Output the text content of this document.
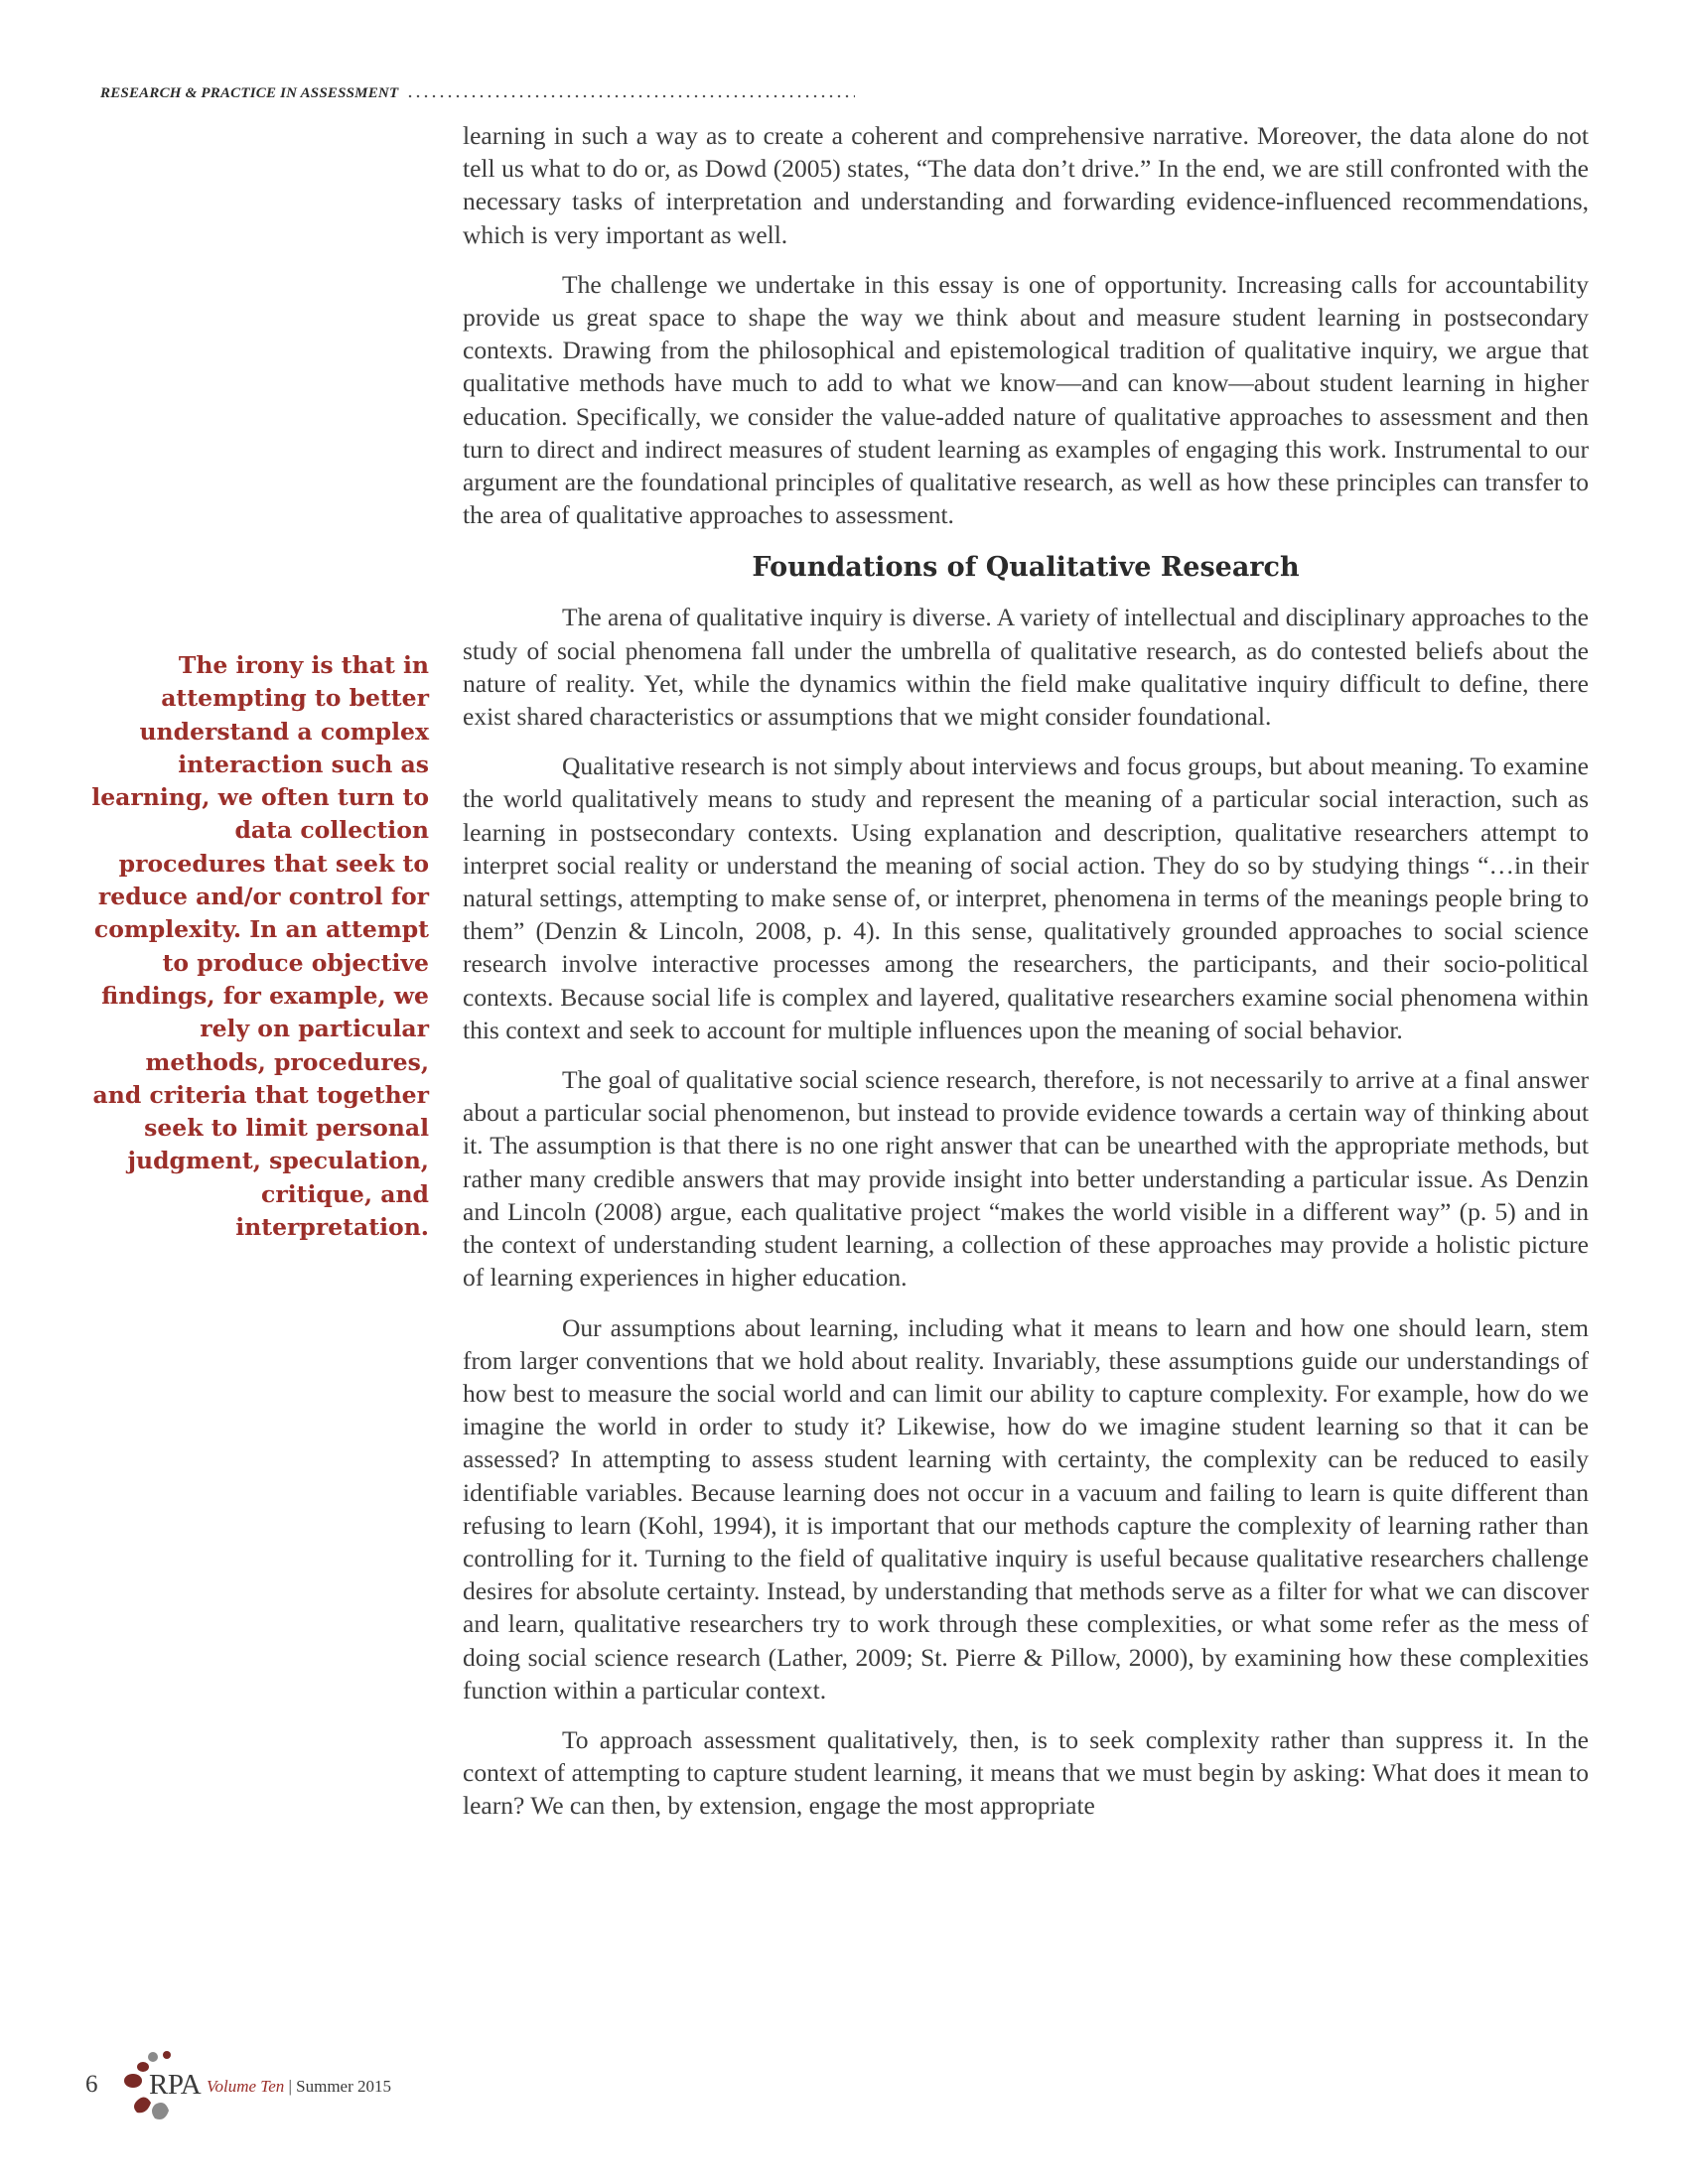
RESEARCH & PRACTICE IN ASSESSMENT
The irony is that in attempting to better understand a complex interaction such as learning, we often turn to data collection procedures that seek to reduce and/or control for complexity. In an attempt to produce objective findings, for example, we rely on particular methods, procedures, and criteria that together seek to limit personal judgment, speculation, critique, and interpretation.

learning in such a way as to create a coherent and comprehensive narrative. Moreover, the data alone do not tell us what to do or, as Dowd (2005) states, “The data don’t drive.” In the end, we are still confronted with the necessary tasks of interpretation and understanding and forwarding evidence-influenced recommendations, which is very important as well.

The challenge we undertake in this essay is one of opportunity. Increasing calls for accountability provide us great space to shape the way we think about and measure student learning in postsecondary contexts. Drawing from the philosophical and epistemological tradition of qualitative inquiry, we argue that qualitative methods have much to add to what we know—and can know—about student learning in higher education. Specifically, we consider the value-added nature of qualitative approaches to assessment and then turn to direct and indirect measures of student learning as examples of engaging this work. Instrumental to our argument are the foundational principles of qualitative research, as well as how these principles can transfer to the area of qualitative approaches to assessment.

Foundations of Qualitative Research

The arena of qualitative inquiry is diverse. A variety of intellectual and disciplinary approaches to the study of social phenomena fall under the umbrella of qualitative research, as do contested beliefs about the nature of reality. Yet, while the dynamics within the field make qualitative inquiry difficult to define, there exist shared characteristics or assumptions that we might consider foundational.

Qualitative research is not simply about interviews and focus groups, but about meaning. To examine the world qualitatively means to study and represent the meaning of a particular social interaction, such as learning in postsecondary contexts. Using explanation and description, qualitative researchers attempt to interpret social reality or understand the meaning of social action. They do so by studying things “…in their natural settings, attempting to make sense of, or interpret, phenomena in terms of the meanings people bring to them” (Denzin & Lincoln, 2008, p. 4). In this sense, qualitatively grounded approaches to social science research involve interactive processes among the researchers, the participants, and their socio-political contexts. Because social life is complex and layered, qualitative researchers examine social phenomena within this context and seek to account for multiple influences upon the meaning of social behavior.

The goal of qualitative social science research, therefore, is not necessarily to arrive at a final answer about a particular social phenomenon, but instead to provide evidence towards a certain way of thinking about it. The assumption is that there is no one right answer that can be unearthed with the appropriate methods, but rather many credible answers that may provide insight into better understanding a particular issue. As Denzin and Lincoln (2008) argue, each qualitative project “makes the world visible in a different way” (p. 5) and in the context of understanding student learning, a collection of these approaches may provide a holistic picture of learning experiences in higher education.

Our assumptions about learning, including what it means to learn and how one should learn, stem from larger conventions that we hold about reality. Invariably, these assumptions guide our understandings of how best to measure the social world and can limit our ability to capture complexity. For example, how do we imagine the world in order to study it? Likewise, how do we imagine student learning so that it can be assessed? In attempting to assess student learning with certainty, the complexity can be reduced to easily identifiable variables. Because learning does not occur in a vacuum and failing to learn is quite different than refusing to learn (Kohl, 1994), it is important that our methods capture the complexity of learning rather than controlling for it. Turning to the field of qualitative inquiry is useful because qualitative researchers challenge desires for absolute certainty. Instead, by understanding that methods serve as a filter for what we can discover and learn, qualitative researchers try to work through these complexities, or what some refer as the mess of doing social science research (Lather, 2009; St. Pierre & Pillow, 2000), by examining how these complexities function within a particular context.

To approach assessment qualitatively, then, is to seek complexity rather than suppress it. In the context of attempting to capture student learning, it means that we must begin by asking: What does it mean to learn? We can then, by extension, engage the most appropriate

6 RPA Volume Ten | Summer 2015
